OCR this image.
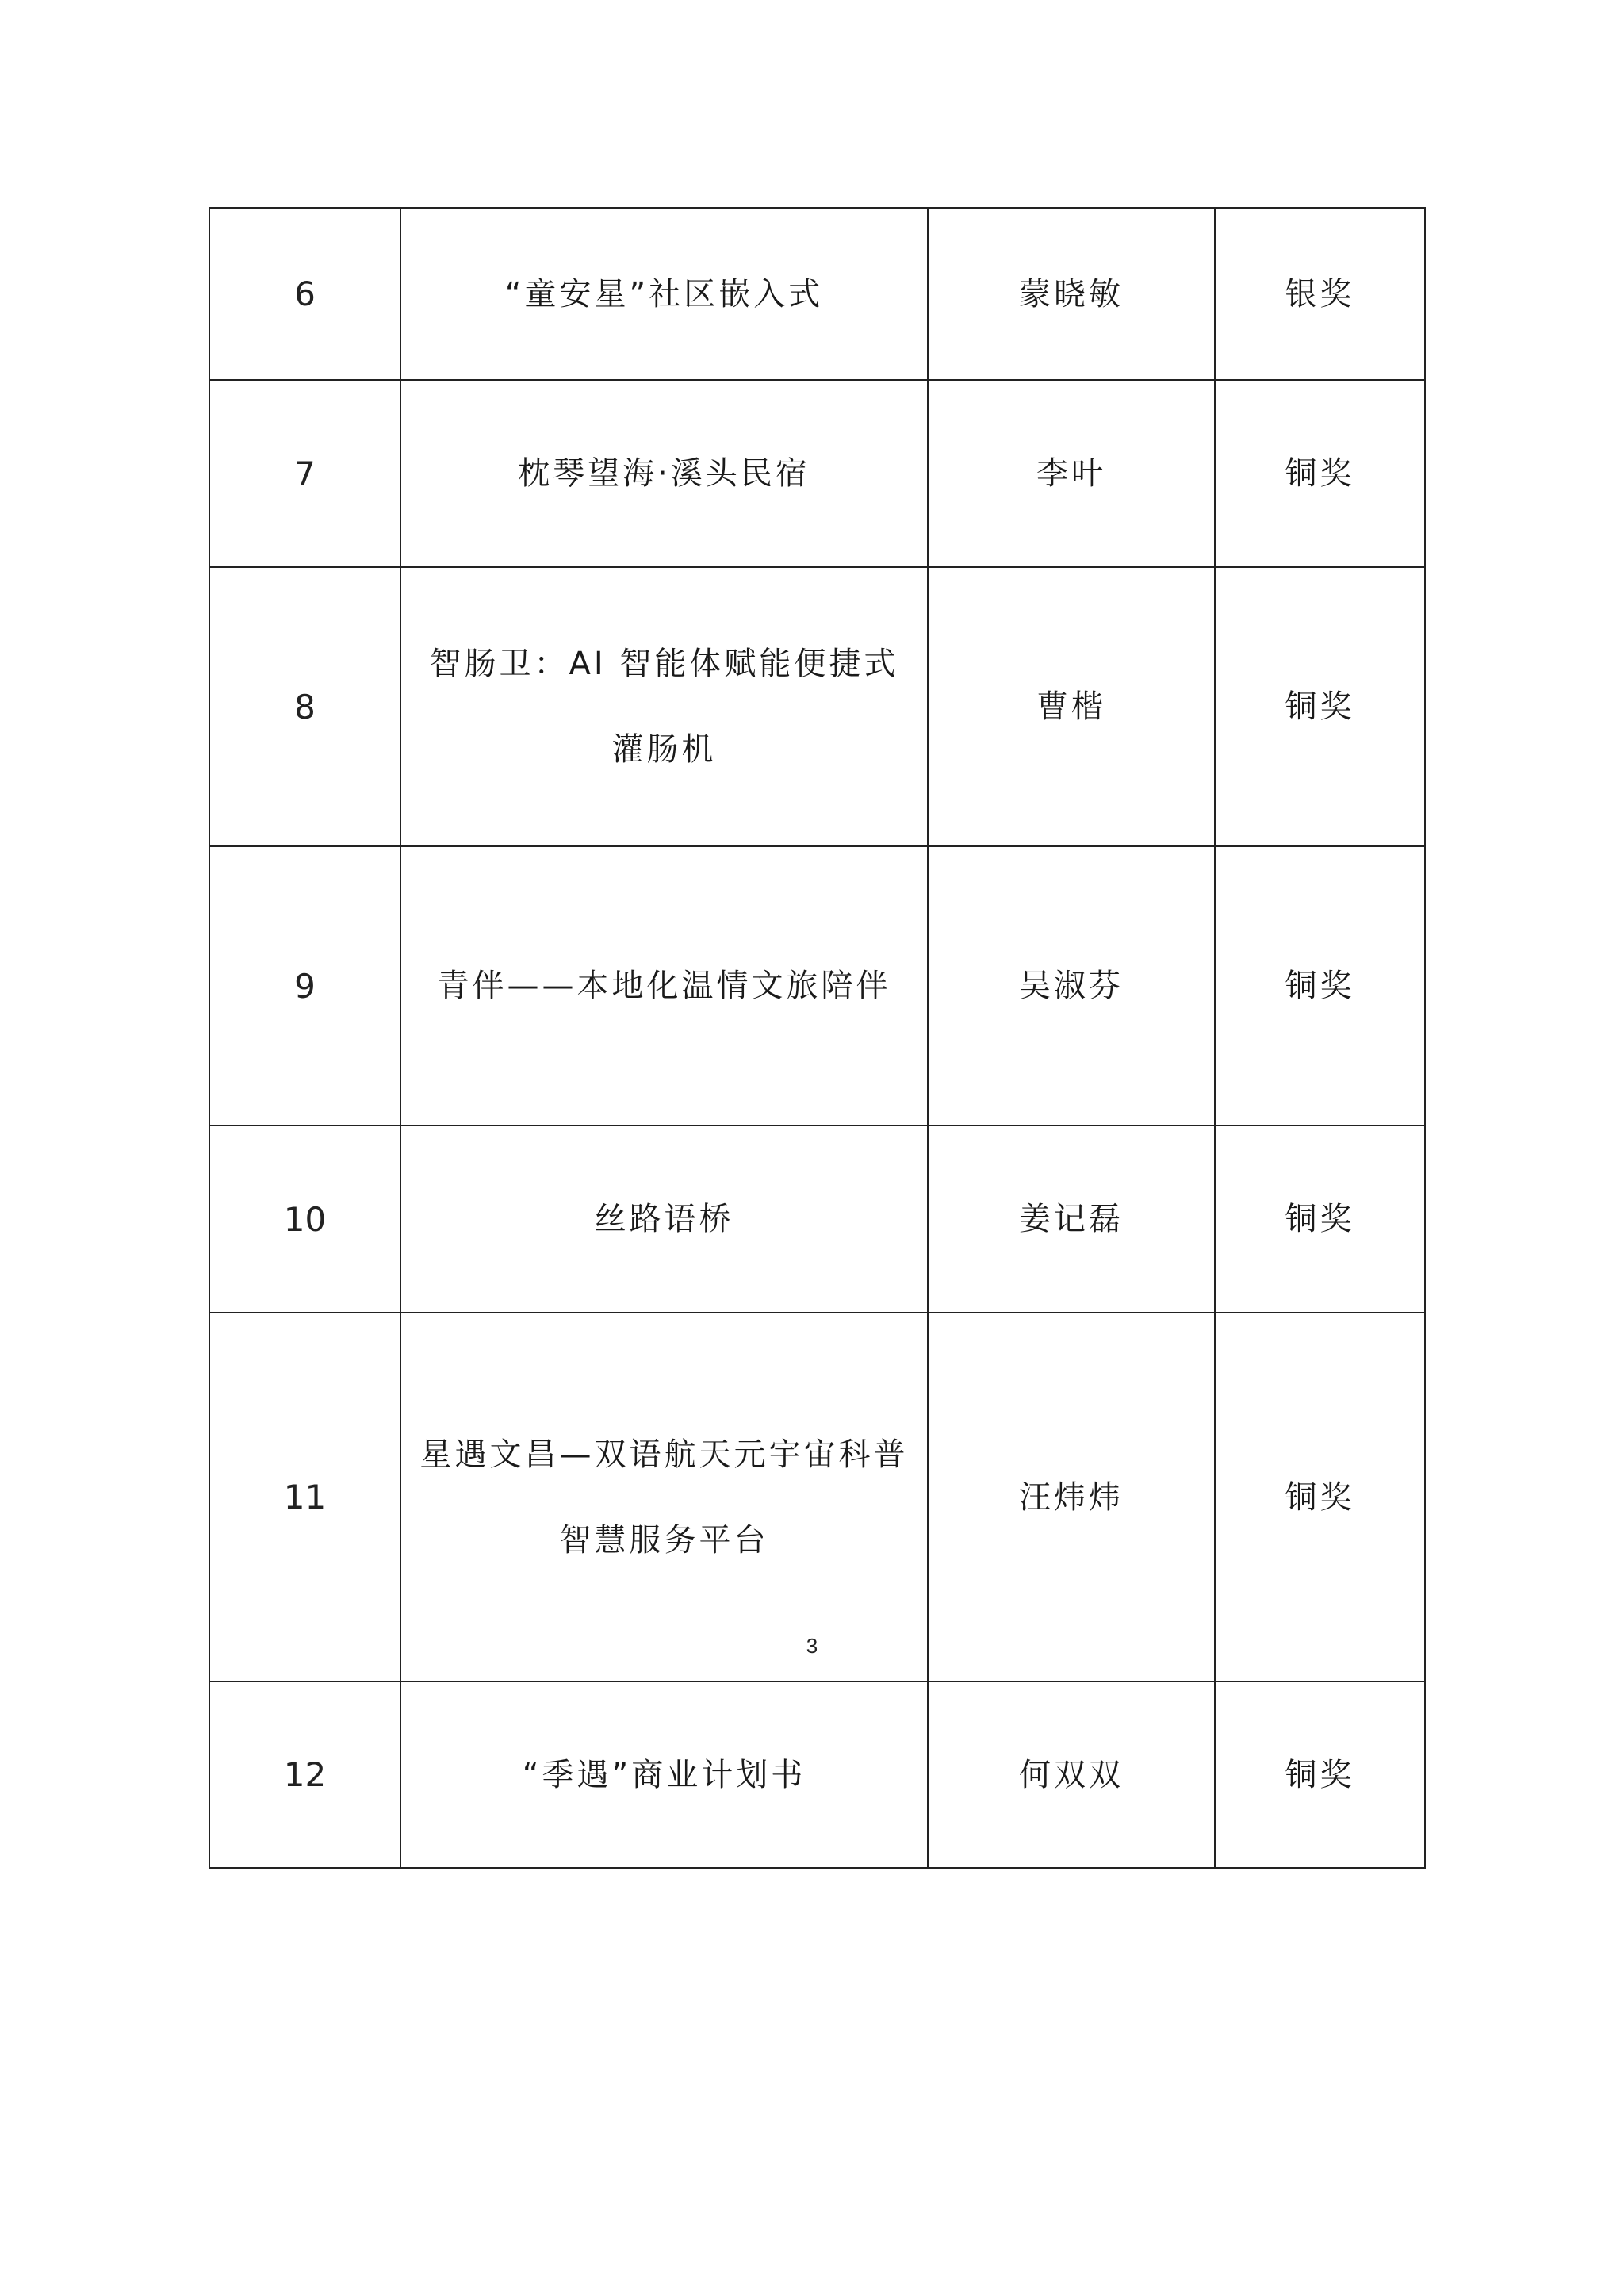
6	“童安星”社区嵌入式	蒙晓敏	银奖
7	枕琴望海·溪头民宿	李叶	铜奖
8	智肠卫：AI 智能体赋能便捷式灌肠机	曹楷	铜奖
9	青伴——本地化温情文旅陪伴	吴淑芬	铜奖
10	丝路语桥	姜记磊	铜奖
11	星遇文昌—双语航天元宇宙科普智慧服务平台	汪炜炜	铜奖
12	“季遇”商业计划书	何双双	铜奖
3
